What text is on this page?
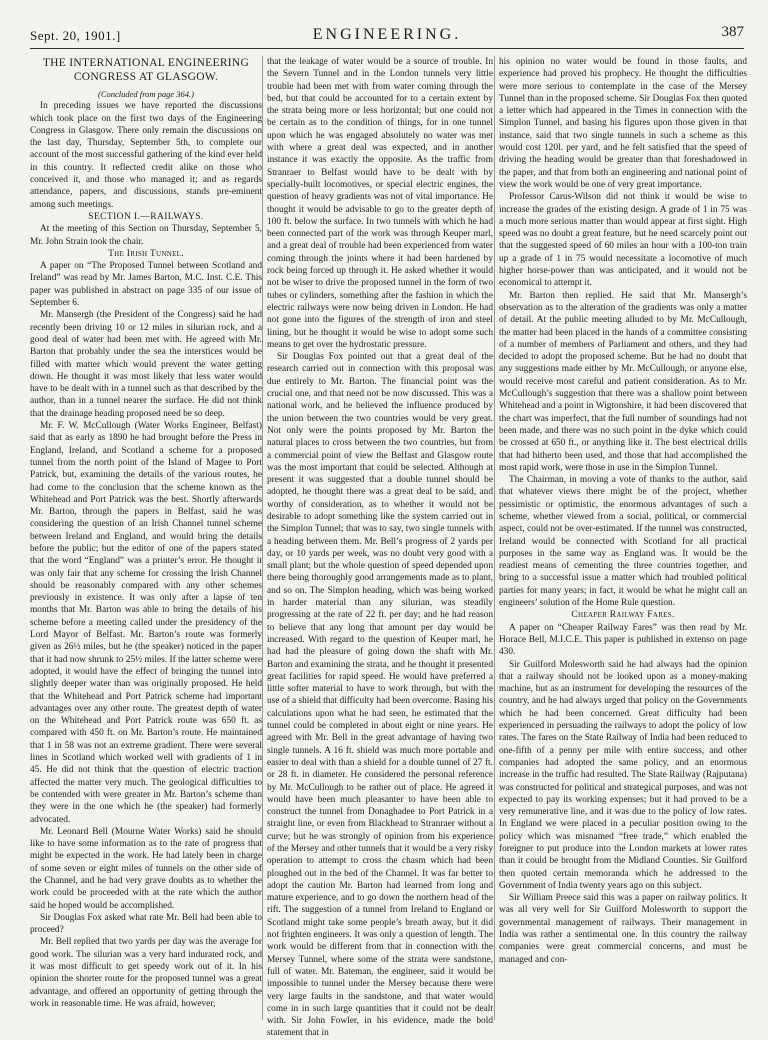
Sept. 20, 1901.]	ENGINEERING.	387
THE INTERNATIONAL ENGINEERING CONGRESS AT GLASGOW.

(Concluded from page 364.)

In preceding issues we have reported the discussions which took place on the first two days of the Engineering Congress in Glasgow. There only remain the discussions on the last day, Thursday, September 5th, to complete our account of the most successful gathering of the kind ever held in this country. It reflected credit alike on those who conceived it, and those who managed it; and as regards attendance, papers, and discussions, stands pre-eminent among such meetings.

SECTION I.—RAILWAYS.

At the meeting of this Section on Thursday, September 5, Mr. John Strain took the chair.

The Irish Tunnel.

A paper on “The Proposed Tunnel between Scotland and Ireland” was read by Mr. James Barton, M.C. Inst. C.E. This paper was published in abstract on page 335 of our issue of September 6.

Mr. Mansergh (the President of the Congress) said he had recently been driving 10 or 12 miles in silurian rock, and a good deal of water had been met with. He agreed with Mr. Barton that probably under the sea the interstices would be filled with matter which would prevent the water getting down. He thought it was most likely that less water would have to be dealt with in a tunnel such as that described by the author, than in a tunnel nearer the surface. He did not think that the drainage heading proposed need be so deep.

Mr. F. W. McCullough (Water Works Engineer, Belfast) said that as early as 1890 he had brought before the Press in England, Ireland, and Scotland a scheme for a proposed tunnel from the north point of the Island of Magee to Port Patrick, but, examining the details of the various routes, he had come to the conclusion that the scheme known as the Whitehead and Port Patrick was the best. Shortly afterwards Mr. Barton, through the papers in Belfast, said he was considering the question of an Irish Channel tunnel scheme between Ireland and England, and would bring the details before the public; but the editor of one of the papers stated that the word “England” was a printer’s error. He thought it was only fair that any scheme for crossing the Irish Channel should be reasonably compared with any other schemes previously in existence. It was only after a lapse of ten months that Mr. Barton was able to bring the details of his scheme before a meeting called under the presidency of the Lord Mayor of Belfast. Mr. Barton’s route was formerly given as 26½ miles, but he (the speaker) noticed in the paper that it had now shrunk to 25½ miles. If the latter scheme were adopted, it would have the effect of bringing the tunnel into slightly deeper water than was originally proposed. He held that the Whitehead and Port Patrick scheme had important advantages over any other route. The greatest depth of water on the Whitehead and Port Patrick route was 650 ft. as compared with 450 ft. on Mr. Barton’s route. He maintained that 1 in 58 was not an extreme gradient. There were several lines in Scotland which worked well with gradients of 1 in 45. He did not think that the question of electric traction affected the matter very much. The geological difficulties to be contended with were greater in Mr. Barton’s scheme than they were in the one which he (the speaker) had formerly advocated.

Mr. Leonard Bell (Mourne Water Works) said he should like to have some information as to the rate of progress that might be expected in the work. He had lately been in charge of some seven or eight miles of tunnels on the other side of the Channel, and he had very grave doubts as to whether the work could be proceeded with at the rate which the author said he hoped would be accomplished.

Sir Douglas Fox asked what rate Mr. Bell had been able to proceed?

Mr. Bell replied that two yards per day was the average for good work. The silurian was a very hard indurated rock, and it was most difficult to get speedy work out of it. In his opinion the shorter route for the proposed tunnel was a great advantage, and offered an opportunity of getting through the work in reasonable time. He was afraid, however,

that the leakage of water would be a source of trouble. In the Severn Tunnel and in the London tunnels very little trouble had been met with from water coming through the bed, but that could be accounted for to a certain extent by the strata being more or less horizontal; but one could not be certain as to the condition of things, for in one tunnel upon which he was engaged absolutely no water was met with where a great deal was expected, and in another instance it was exactly the opposite. As the traffic from Stranraer to Belfast would have to be dealt with by specially-built locomotives, or special electric engines, the question of heavy gradients was not of vital importance. He thought it would be advisable to go to the greater depth of 100 ft. below the surface. In two tunnels with which he had been connected part of the work was through Keuper marl, and a great deal of trouble had been experienced from water coming through the joints where it had been hardened by rock being forced up through it. He asked whether it would not be wiser to drive the proposed tunnel in the form of two tubes or cylinders, something after the fashion in which the electric railways were now being driven in London. He had not gone into the figures of the strength of iron and steel lining, but he thought it would be wise to adopt some such means to get over the hydrostatic pressure.

Sir Douglas Fox pointed out that a great deal of the research carried out in connection with this proposal was due entirely to Mr. Barton. The financial point was the crucial one, and that need not be now discussed. This was a national work, and he believed the influence produced by the union between the two countries would be very great. Not only were the points proposed by Mr. Barton the natural places to cross between the two countries, but from a commercial point of view the Belfast and Glasgow route was the most important that could be selected. Although at present it was suggested that a double tunnel should be adopted, he thought there was a great deal to be said, and worthy of consideration, as to whether it would not be desirable to adopt something like the system carried out in the Simplon Tunnel; that was to say, two single tunnels with a heading between them. Mr. Bell’s progress of 2 yards per day, or 10 yards per week, was no doubt very good with a small plant; but the whole question of speed depended upon there being thoroughly good arrangements made as to plant, and so on. The Simplon heading, which was being worked in harder material than any silurian, was steadily progressing at the rate of 22 ft. per day; and he had reason to believe that any long that amount per day would be increased. With regard to the question of Keuper marl, he had had the pleasure of going down the shaft with Mr. Barton and examining the strata, and he thought it presented great facilities for rapid speed. He would have preferred a little softer material to have to work through, but with the use of a shield that difficulty had been overcome. Basing his calculations upon what he had seen, he estimated that the tunnel could be completed in about eight or nine years. He agreed with Mr. Bell in the great advantage of having two single tunnels. A 16 ft. shield was much more portable and easier to deal with than a shield for a double tunnel of 27 ft. or 28 ft. in diameter. He considered the personal reference by Mr. McCullough to be rather out of place. He agreed it would have been much pleasanter to have been able to construct the tunnel from Donaghadee to Port Patrick in a straight line, or even from Blackhead to Stranraer without a curve; but he was strongly of opinion from his experience of the Mersey and other tunnels that it would be a very risky operation to attempt to cross the chasm which had been ploughed out in the bed of the Channel. It was far better to adopt the caution Mr. Barton had learned from long and mature experience, and to go down the northern head of the rift. The suggestion of a tunnel from Ireland to England or Scotland might take some people’s breath away, but it did not frighten engineers. It was only a question of length. The work would be different from that in connection with the Mersey Tunnel, where some of the strata were sandstone, full of water. Mr. Bateman, the engineer, said it would be impossible to tunnel under the Mersey because there were very large faults in the sandstone, and that water would come in in such large quantities that it could not be dealt with. Sir John Fowler, in his evidence, made the bold statement that in

his opinion no water would be found in those faults, and experience had proved his prophecy. He thought the difficulties were more serious to contemplate in the case of the Mersey Tunnel than in the proposed scheme. Sir Douglas Fox then quoted a letter which had appeared in the Times in connection with the Simplon Tunnel, and basing his figures upon those given in that instance, said that two single tunnels in such a scheme as this would cost 120l. per yard, and he felt satisfied that the speed of driving the heading would be greater than that foreshadowed in the paper, and that from both an engineering and national point of view the work would be one of very great importance.

Professor Carus-Wilson did not think it would be wise to increase the grades of the existing design. A grade of 1 in 75 was a much more serious matter than would appear at first sight. High speed was no doubt a great feature, but he need scarcely point out that the suggested speed of 60 miles an hour with a 100-ton train up a grade of 1 in 75 would necessitate a locomotive of much higher horse-power than was anticipated, and it would not be economical to attempt it.

Mr. Barton then replied. He said that Mr. Mansergh’s observation as to the alteration of the gradients was only a matter of detail. At the public meeting alluded to by Mr. McCullough, the matter had been placed in the hands of a committee consisting of a number of members of Parliament and others, and they had decided to adopt the proposed scheme. But he had no doubt that any suggestions made either by Mr. McCullough, or anyone else, would receive most careful and patient consideration. As to Mr. McCullough’s suggestion that there was a shallow point between Whitehead and a point in Wigtonshire, it had been discovered that the chart was imperfect, that the full number of soundings had not been made, and there was no such point in the dyke which could be crossed at 650 ft., or anything like it. The best electrical drills that had hitherto been used, and those that had accomplished the most rapid work, were those in use in the Simplon Tunnel.

The Chairman, in moving a vote of thanks to the author, said that whatever views there might be of the project, whether pessimistic or optimistic, the enormous advantages of such a scheme, whether viewed from a social, political, or commercial aspect, could not be over-estimated. If the tunnel was constructed, Ireland would be connected with Scotland for all practical purposes in the same way as England was. It would be the readiest means of cementing the three countries together, and bring to a successful issue a matter which had troubled political parties for many years; in fact, it would be what he might call an engineers’ solution of the Home Rule question.

Cheaper Railway Fares.

A paper on “Cheaper Railway Fares” was then read by Mr. Horace Bell, M.I.C.E. This paper is published in extenso on page 430.

Sir Guilford Molesworth said he had always had the opinion that a railway should not be looked upon as a money-making machine, but as an instrument for developing the resources of the country, and he had always urged that policy on the Governments which he had been concerned. Great difficulty had been experienced in persuading the railways to adopt the policy of low rates. The fares on the State Railway of India had been reduced to one-fifth of a penny per mile with entire success, and other companies had adopted the same policy, and an enormous increase in the traffic had resulted. The State Railway (Rajputana) was constructed for political and strategical purposes, and was not expected to pay its working expenses; but it had proved to be a very remunerative line, and it was due to the policy of low rates. In England we were placed in a peculiar position owing to the policy which was misnamed “free trade,” which enabled the foreigner to put produce into the London markets at lower rates than it could be brought from the Midland Counties. Sir Guilford then quoted certain memoranda which he addressed to the Government of India twenty years ago on this subject.

Sir William Preece said this was a paper on railway politics. It was all very well for Sir Guilford Molesworth to support the governmental management of railways. Their management in India was rather a sentimental one. In this country the railway companies were great commercial concerns, and must be managed and con-
